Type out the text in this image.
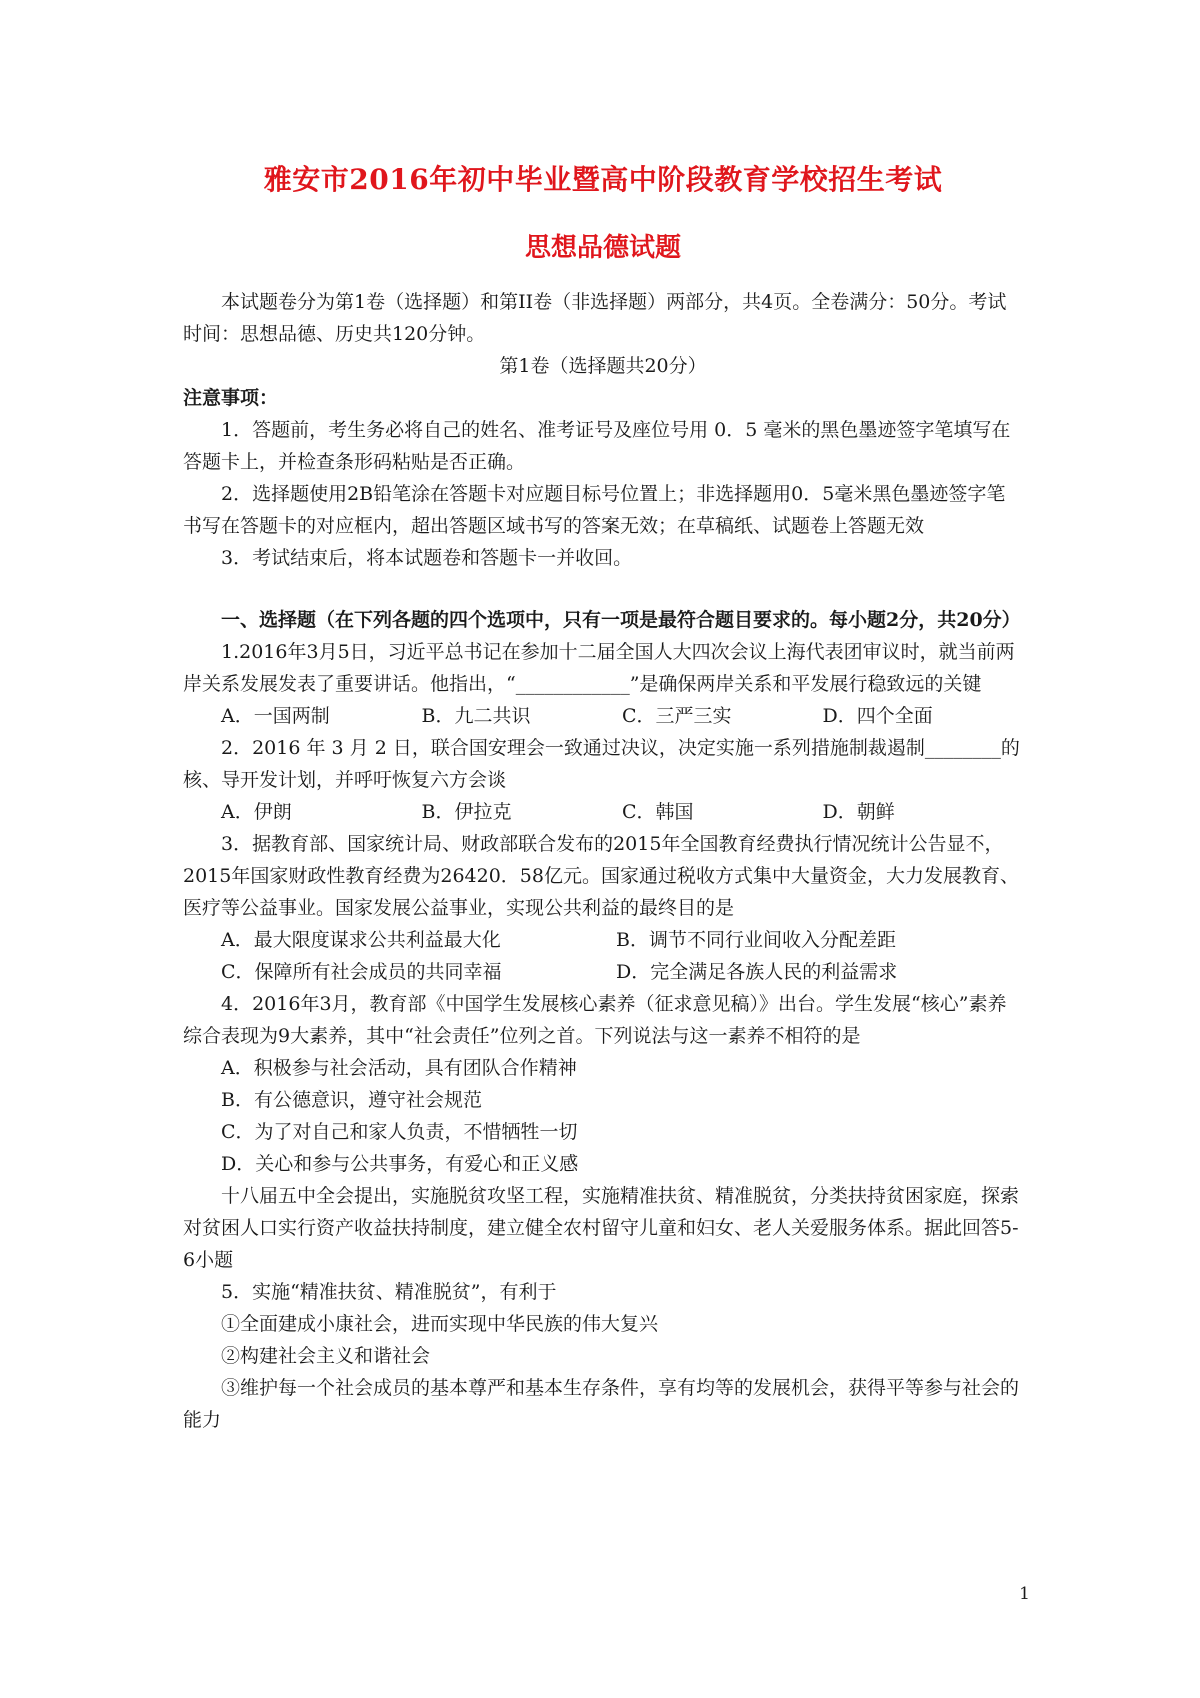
雅安市2016年初中毕业暨高中阶段教育学校招生考试
思想品德试题

本试题卷分为第1卷（选择题）和第II卷（非选择题）两部分，共4页。全卷满分：50分。考试时间：思想品德、历史共120分钟。

第1卷（选择题共20分）

注意事项：

1．答题前，考生务必将自己的姓名、准考证号及座位号用 0．5 毫米的黑色墨迹签字笔填写在答题卡上，并检查条形码粘贴是否正确。

2．选择题使用2B铅笔涂在答题卡对应题目标号位置上；非选择题用0．5毫米黑色墨迹签字笔书写在答题卡的对应框内，超出答题区域书写的答案无效；在草稿纸、试题卷上答题无效

3．考试结束后，将本试题卷和答题卡一并收回。

一、选择题（在下列各题的四个选项中，只有一项是最符合题目要求的。每小题2分，共20分）

1.2016年3月5日，习近平总书记在参加十二届全国人大四次会议上海代表团审议时，就当前两岸关系发展发表了重要讲话。他指出，“____________”是确保两岸关系和平发展行稳致远的关键

A．一国两制	B．九二共识	C．三严三实	D．四个全面

2．2016 年 3 月 2 日，联合国安理会一致通过决议，决定实施一系列措施制裁遏制________的核、导开发计划，并呼吁恢复六方会谈

A．伊朗	B．伊拉克	C．韩国	D．朝鲜

3．据教育部、国家统计局、财政部联合发布的2015年全国教育经费执行情况统计公告显不，2015年国家财政性教育经费为26420．58亿元。国家通过税收方式集中大量资金，大力发展教育、医疗等公益事业。国家发展公益事业，实现公共利益的最终目的是

A．最大限度谋求公共利益最大化	B．调节不同行业间收入分配差距
C．保障所有社会成员的共同幸福	D．完全满足各族人民的利益需求

4．2016年3月，教育部《中国学生发展核心素养（征求意见稿）》出台。学生发展“核心”素养综合表现为9大素养，其中“社会责任”位列之首。下列说法与这一素养不相符的是

A．积极参与社会活动，具有团队合作精神

B．有公德意识，遵守社会规范

C．为了对自己和家人负责，不惜牺牲一切

D．关心和参与公共事务，有爱心和正义感

十八届五中全会提出，实施脱贫攻坚工程，实施精准扶贫、精准脱贫，分类扶持贫困家庭，探索对贫困人口实行资产收益扶持制度，建立健全农村留守儿童和妇女、老人关爱服务体系。据此回答5-6小题

5．实施“精准扶贫、精准脱贫”，有利于

①全面建成小康社会，进而实现中华民族的伟大复兴

②构建社会主义和谐社会

③维护每一个社会成员的基本尊严和基本生存条件，享有均等的发展机会，获得平等参与社会的能力

1
